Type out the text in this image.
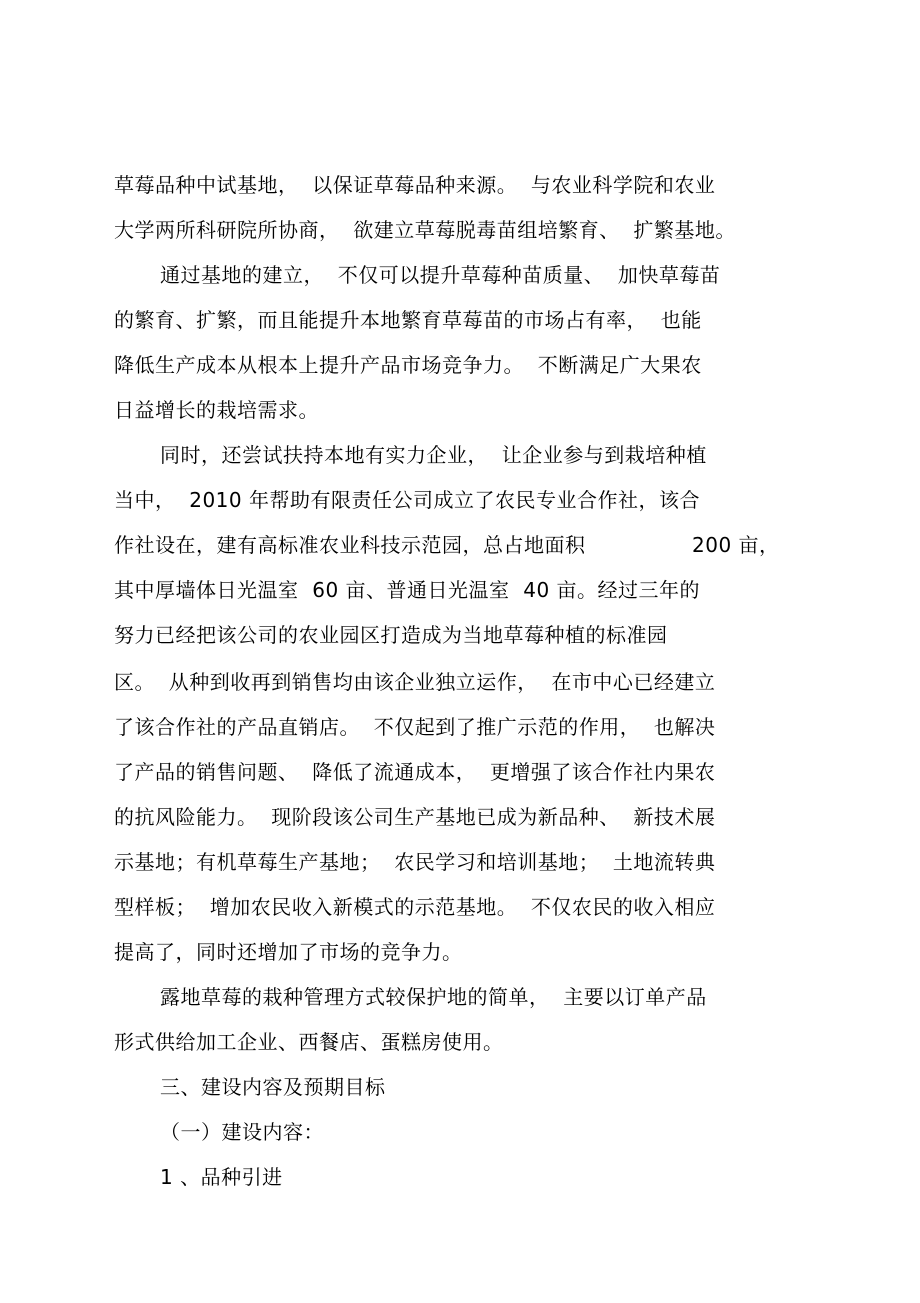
草莓品种中试基地，  以保证草莓品种来源。  与农业科学院和农业

大学两所科研院所协商，  欲建立草莓脱毒苗组培繁育、  扩繁基地。

通过基地的建立，  不仅可以提升草莓种苗质量、  加快草莓苗

的繁育、扩繁，而且能提升本地繁育草莓苗的市场占有率，  也能

降低生产成本从根本上提升产品市场竞争力。  不断满足广大果农

日益增长的栽培需求。

同时，还尝试扶持本地有实力企业，  让企业参与到栽培种植

当中，  2010 年帮助有限责任公司成立了农民专业合作社，该合

作社设在，建有高标准农业科技示范园，总占地面积	200 亩，

其中厚墙体日光温室  60 亩、普通日光温室  40 亩。经过三年的

努力已经把该公司的农业园区打造成为当地草莓种植的标准园

区。  从种到收再到销售均由该企业独立运作，  在市中心已经建立

了该合作社的产品直销店。  不仅起到了推广示范的作用，  也解决

了产品的销售问题、  降低了流通成本，  更增强了该合作社内果农

的抗风险能力。  现阶段该公司生产基地已成为新品种、  新技术展

示基地；有机草莓生产基地；  农民学习和培训基地；  土地流转典

型样板；  增加农民收入新模式的示范基地。  不仅农民的收入相应

提高了，同时还增加了市场的竞争力。

露地草莓的栽种管理方式较保护地的简单，  主要以订单产品

形式供给加工企业、西餐店、蛋糕房使用。

三、建设内容及预期目标

（一）建设内容：

1 、品种引进
